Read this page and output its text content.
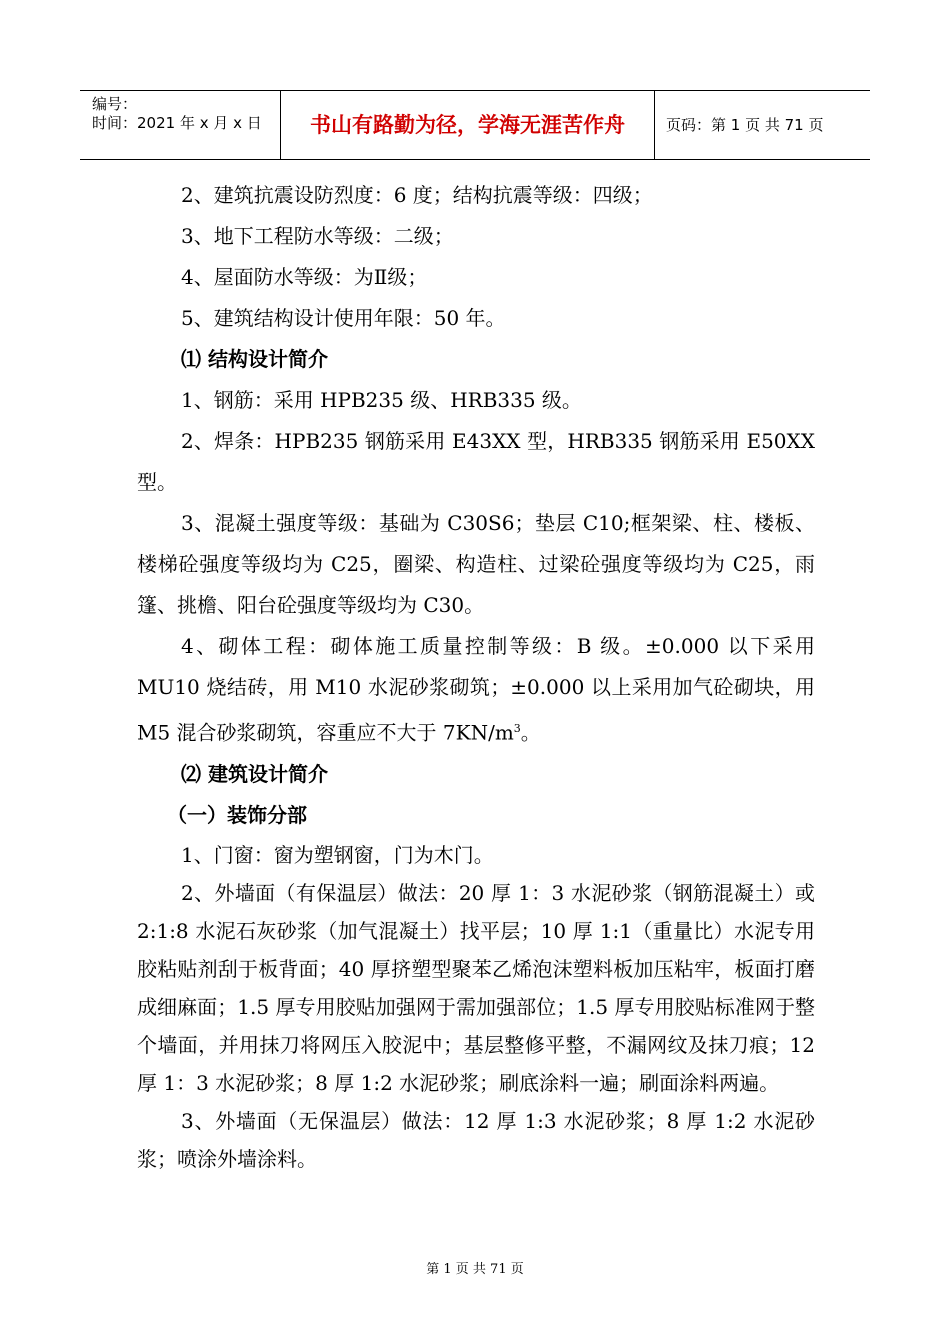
编号：
时间：2021 年 x 月 x 日	书山有路勤为径，学海无涯苦作舟	页码：第 1 页 共 71 页

2、建筑抗震设防烈度：6 度；结构抗震等级：四级；

3、地下工程防水等级：二级；

4、屋面防水等级：为Ⅱ级；

5、建筑结构设计使用年限：50 年。

⑴ 结构设计简介

1、钢筋：采用 HPB235 级、HRB335 级。

2、焊条：HPB235 钢筋采用 E43XX 型，HRB335 钢筋采用 E50XX 型。

3、混凝土强度等级：基础为 C30S6；垫层 C10;框架梁、柱、楼板、楼梯砼强度等级均为 C25，圈梁、构造柱、过梁砼强度等级均为 C25，雨篷、挑檐、阳台砼强度等级均为 C30。

4、砌体工程：砌体施工质量控制等级：B 级。±0.000 以下采用 MU10 烧结砖，用 M10 水泥砂浆砌筑；±0.000 以上采用加气砼砌块，用 M5 混合砂浆砌筑，容重应不大于 $7KN/m^3$。

⑵ 建筑设计简介

（一）装饰分部

1、门窗：窗为塑钢窗，门为木门。

2、外墙面（有保温层）做法：20 厚 1：3 水泥砂浆（钢筋混凝土）或 2:1:8 水泥石灰砂浆（加气混凝土）找平层；10 厚 1:1（重量比）水泥专用胶粘贴剂刮于板背面；40 厚挤塑型聚苯乙烯泡沫塑料板加压粘牢，板面打磨成细麻面；1.5 厚专用胶贴加强网于需加强部位；1.5 厚专用胶贴标准网于整个墙面，并用抹刀将网压入胶泥中；基层整修平整，不漏网纹及抹刀痕；12 厚 1：3 水泥砂浆；8 厚 1:2 水泥砂浆；刷底涂料一遍；刷面涂料两遍。

3、外墙面（无保温层）做法：12 厚 1:3 水泥砂浆；8 厚 1:2 水泥砂浆；喷涂外墙涂料。

第 1 页 共 71 页
